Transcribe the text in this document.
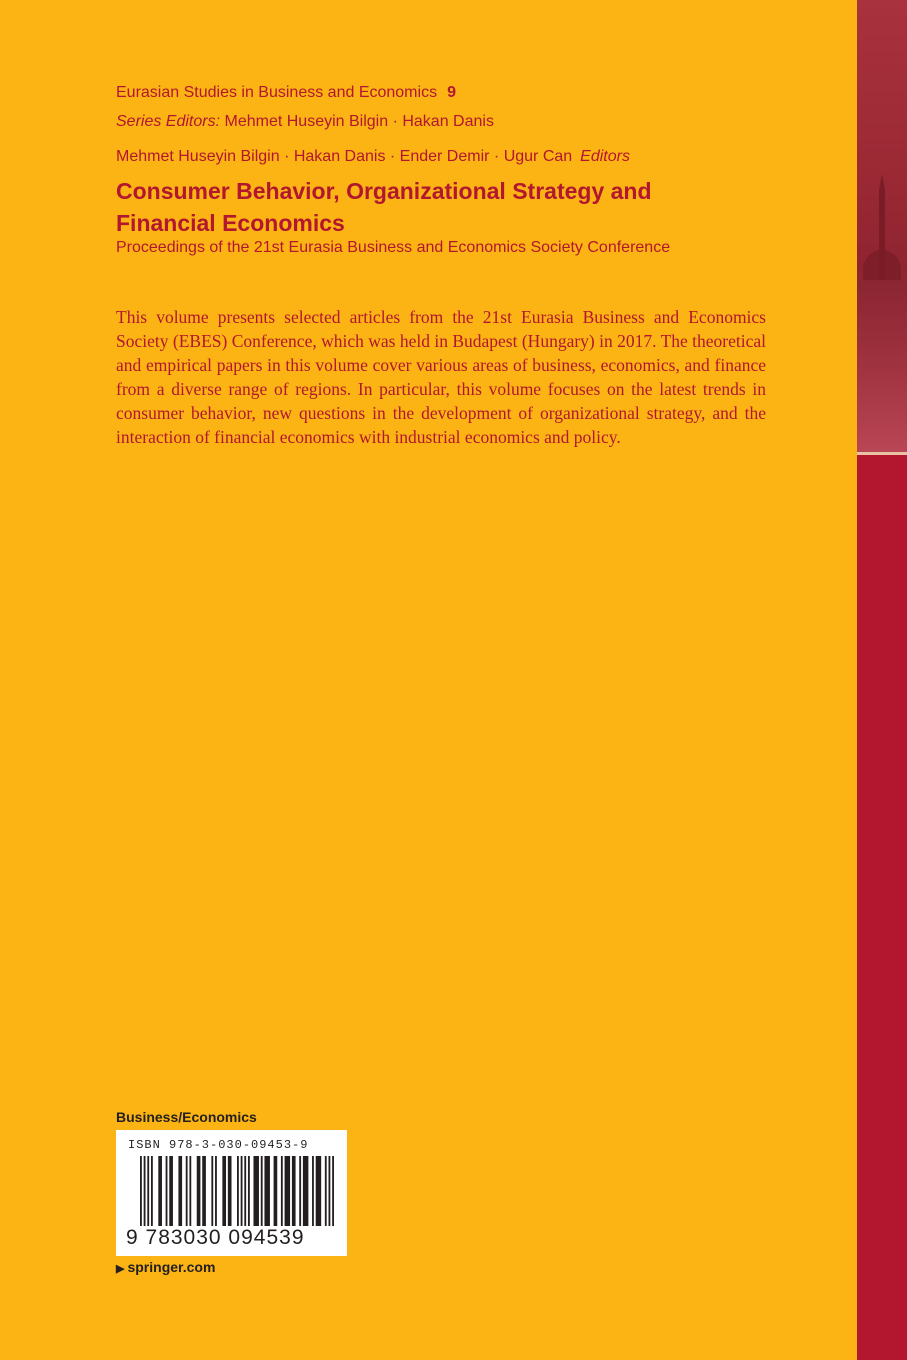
Eurasian Studies in Business and Economics 9
Series Editors: Mehmet Huseyin Bilgin · Hakan Danis
Mehmet Huseyin Bilgin · Hakan Danis · Ender Demir · Ugur Can Editors
Consumer Behavior, Organizational Strategy and Financial Economics
Proceedings of the 21st Eurasia Business and Economics Society Conference

This volume presents selected articles from the 21st Eurasia Business and Economics Society (EBES) Conference, which was held in Budapest (Hungary) in 2017. The theoretical and empirical papers in this volume cover various areas of business, economics, and finance from a diverse range of regions. In particular, this volume focuses on the latest trends in consumer behavior, new questions in the development of organizational strategy, and the interaction of financial economics with industrial economics and policy.

Business/Economics
ISBN 978-3-030-09453-9
9 783030 094539
▶ springer.com
